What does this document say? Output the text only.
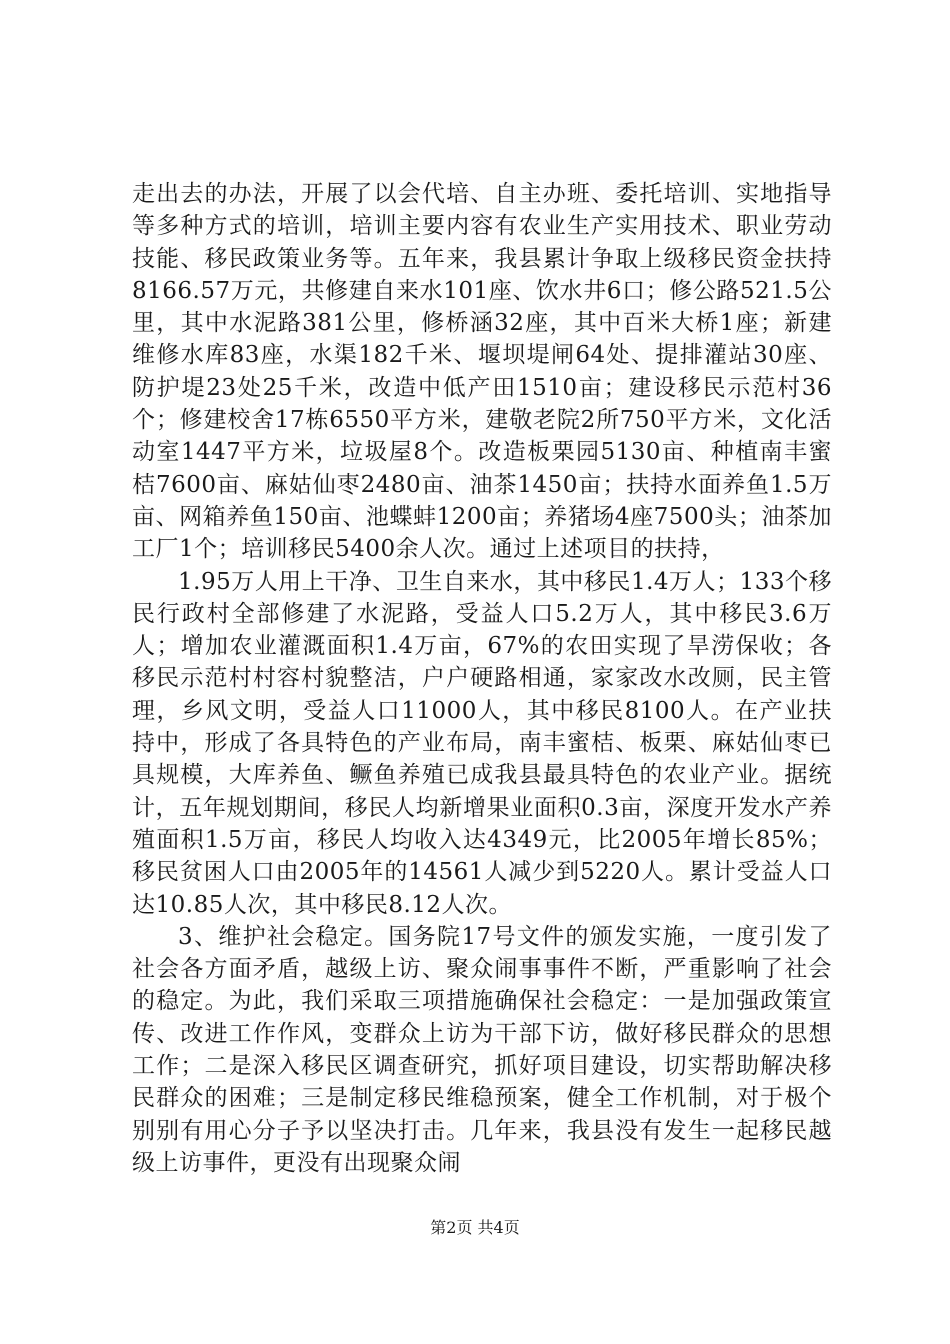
走出去的办法，开展了以会代培、自主办班、委托培训、实地指导等多种方式的培训，培训主要内容有农业生产实用技术、职业劳动技能、移民政策业务等。五年来，我县累计争取上级移民资金扶持8166.57万元，共修建自来水101座、饮水井6口；修公路521.5公里，其中水泥路381公里，修桥涵32座，其中百米大桥1座；新建维修水库83座，水渠182千米、堰坝堤闸64处、提排灌站30座、防护堤23处25千米，改造中低产田1510亩；建设移民示范村36个；修建校舍17栋6550平方米，建敬老院2所750平方米，文化活动室1447平方米，垃圾屋8个。改造板栗园5130亩、种植南丰蜜桔7600亩、麻姑仙枣2480亩、油茶1450亩；扶持水面养鱼1.5万亩、网箱养鱼150亩、池蝶蚌1200亩；养猪场4座7500头；油茶加工厂1个；培训移民5400余人次。通过上述项目的扶持，

1.95万人用上干净、卫生自来水，其中移民1.4万人；133个移民行政村全部修建了水泥路，受益人口5.2万人，其中移民3.6万人；增加农业灌溉面积1.4万亩，67%的农田实现了旱涝保收；各移民示范村村容村貌整洁，户户硬路相通，家家改水改厕，民主管理，乡风文明，受益人口11000人，其中移民8100人。在产业扶持中，形成了各具特色的产业布局，南丰蜜桔、板栗、麻姑仙枣已具规模，大库养鱼、鳜鱼养殖已成我县最具特色的农业产业。据统计，五年规划期间，移民人均新增果业面积0.3亩，深度开发水产养殖面积1.5万亩，移民人均收入达4349元，比2005年增长85%；移民贫困人口由2005年的14561人减少到5220人。累计受益人口达10.85人次，其中移民8.12人次。

3、维护社会稳定。国务院17号文件的颁发实施，一度引发了社会各方面矛盾，越级上访、聚众闹事事件不断，严重影响了社会的稳定。为此，我们采取三项措施确保社会稳定：一是加强政策宣传、改进工作作风，变群众上访为干部下访，做好移民群众的思想工作；二是深入移民区调查研究，抓好项目建设，切实帮助解决移民群众的困难；三是制定移民维稳预案，健全工作机制，对于极个别别有用心分子予以坚决打击。几年来，我县没有发生一起移民越级上访事件，更没有出现聚众闹

第2页 共4页
